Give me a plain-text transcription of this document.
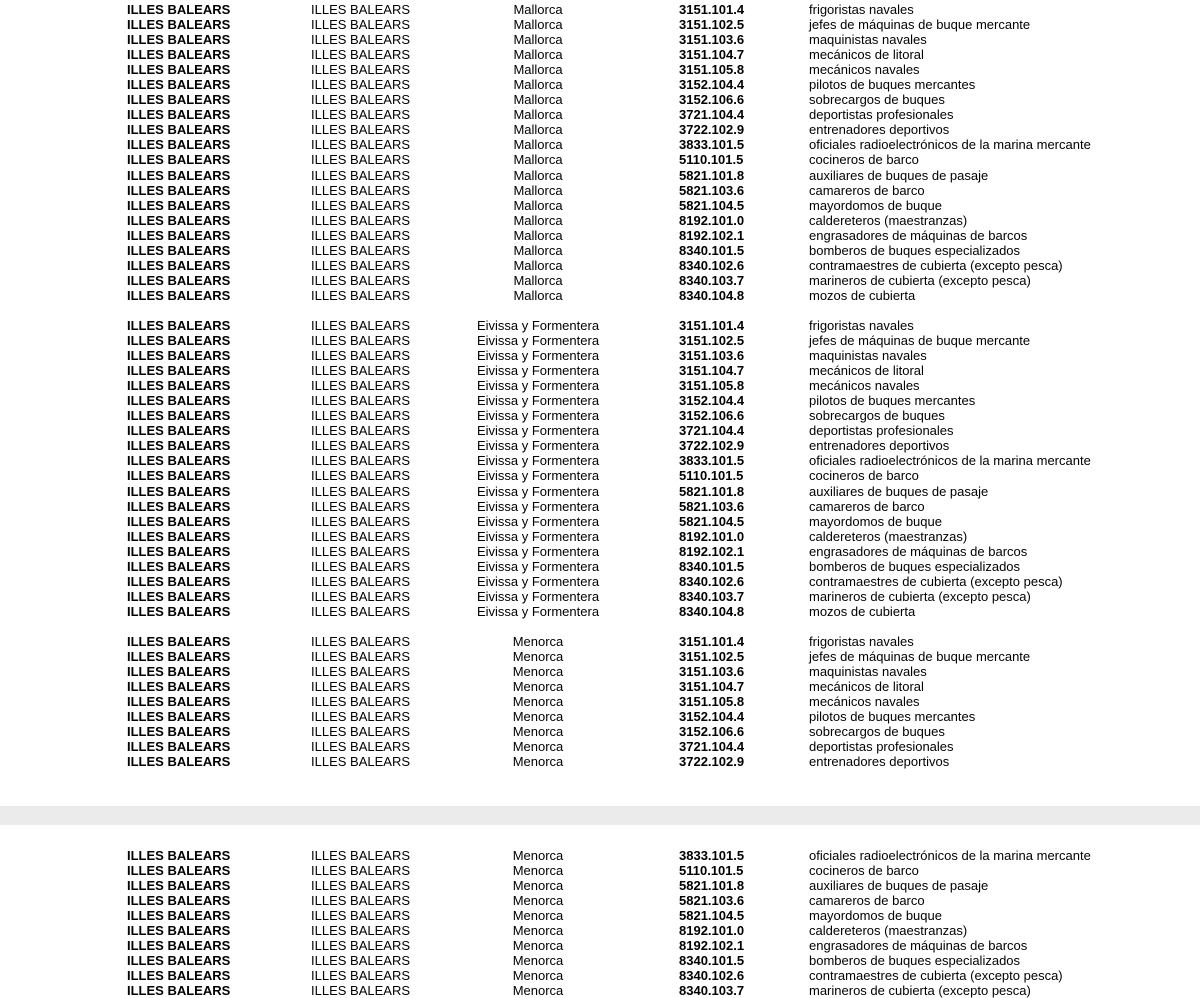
ILLES BALEARS	ILLES BALEARS	Mallorca	3151.101.4	frigoristas navales
ILLES BALEARS	ILLES BALEARS	Mallorca	3151.102.5	jefes de máquinas de buque mercante
ILLES BALEARS	ILLES BALEARS	Mallorca	3151.103.6	maquinistas navales
ILLES BALEARS	ILLES BALEARS	Mallorca	3151.104.7	mecánicos de litoral
ILLES BALEARS	ILLES BALEARS	Mallorca	3151.105.8	mecánicos navales
ILLES BALEARS	ILLES BALEARS	Mallorca	3152.104.4	pilotos de buques mercantes
ILLES BALEARS	ILLES BALEARS	Mallorca	3152.106.6	sobrecargos de buques
ILLES BALEARS	ILLES BALEARS	Mallorca	3721.104.4	deportistas profesionales
ILLES BALEARS	ILLES BALEARS	Mallorca	3722.102.9	entrenadores deportivos
ILLES BALEARS	ILLES BALEARS	Mallorca	3833.101.5	oficiales radioelectrónicos de la marina mercante
ILLES BALEARS	ILLES BALEARS	Mallorca	5110.101.5	cocineros de barco
ILLES BALEARS	ILLES BALEARS	Mallorca	5821.101.8	auxiliares de buques de pasaje
ILLES BALEARS	ILLES BALEARS	Mallorca	5821.103.6	camareros de barco
ILLES BALEARS	ILLES BALEARS	Mallorca	5821.104.5	mayordomos de buque
ILLES BALEARS	ILLES BALEARS	Mallorca	8192.101.0	caldereteros (maestranzas)
ILLES BALEARS	ILLES BALEARS	Mallorca	8192.102.1	engrasadores de máquinas de barcos
ILLES BALEARS	ILLES BALEARS	Mallorca	8340.101.5	bomberos de buques especializados
ILLES BALEARS	ILLES BALEARS	Mallorca	8340.102.6	contramaestres de cubierta (excepto pesca)
ILLES BALEARS	ILLES BALEARS	Mallorca	8340.103.7	marineros de cubierta (excepto pesca)
ILLES BALEARS	ILLES BALEARS	Mallorca	8340.104.8	mozos de cubierta
ILLES BALEARS	ILLES BALEARS	Eivissa y Formentera	3151.101.4	frigoristas navales
ILLES BALEARS	ILLES BALEARS	Eivissa y Formentera	3151.102.5	jefes de máquinas de buque mercante
ILLES BALEARS	ILLES BALEARS	Eivissa y Formentera	3151.103.6	maquinistas navales
ILLES BALEARS	ILLES BALEARS	Eivissa y Formentera	3151.104.7	mecánicos de litoral
ILLES BALEARS	ILLES BALEARS	Eivissa y Formentera	3151.105.8	mecánicos navales
ILLES BALEARS	ILLES BALEARS	Eivissa y Formentera	3152.104.4	pilotos de buques mercantes
ILLES BALEARS	ILLES BALEARS	Eivissa y Formentera	3152.106.6	sobrecargos de buques
ILLES BALEARS	ILLES BALEARS	Eivissa y Formentera	3721.104.4	deportistas profesionales
ILLES BALEARS	ILLES BALEARS	Eivissa y Formentera	3722.102.9	entrenadores deportivos
ILLES BALEARS	ILLES BALEARS	Eivissa y Formentera	3833.101.5	oficiales radioelectrónicos de la marina mercante
ILLES BALEARS	ILLES BALEARS	Eivissa y Formentera	5110.101.5	cocineros de barco
ILLES BALEARS	ILLES BALEARS	Eivissa y Formentera	5821.101.8	auxiliares de buques de pasaje
ILLES BALEARS	ILLES BALEARS	Eivissa y Formentera	5821.103.6	camareros de barco
ILLES BALEARS	ILLES BALEARS	Eivissa y Formentera	5821.104.5	mayordomos de buque
ILLES BALEARS	ILLES BALEARS	Eivissa y Formentera	8192.101.0	caldereteros (maestranzas)
ILLES BALEARS	ILLES BALEARS	Eivissa y Formentera	8192.102.1	engrasadores de máquinas de barcos
ILLES BALEARS	ILLES BALEARS	Eivissa y Formentera	8340.101.5	bomberos de buques especializados
ILLES BALEARS	ILLES BALEARS	Eivissa y Formentera	8340.102.6	contramaestres de cubierta (excepto pesca)
ILLES BALEARS	ILLES BALEARS	Eivissa y Formentera	8340.103.7	marineros de cubierta (excepto pesca)
ILLES BALEARS	ILLES BALEARS	Eivissa y Formentera	8340.104.8	mozos de cubierta
ILLES BALEARS	ILLES BALEARS	Menorca	3151.101.4	frigoristas navales
ILLES BALEARS	ILLES BALEARS	Menorca	3151.102.5	jefes de máquinas de buque mercante
ILLES BALEARS	ILLES BALEARS	Menorca	3151.103.6	maquinistas navales
ILLES BALEARS	ILLES BALEARS	Menorca	3151.104.7	mecánicos de litoral
ILLES BALEARS	ILLES BALEARS	Menorca	3151.105.8	mecánicos navales
ILLES BALEARS	ILLES BALEARS	Menorca	3152.104.4	pilotos de buques mercantes
ILLES BALEARS	ILLES BALEARS	Menorca	3152.106.6	sobrecargos de buques
ILLES BALEARS	ILLES BALEARS	Menorca	3721.104.4	deportistas profesionales
ILLES BALEARS	ILLES BALEARS	Menorca	3722.102.9	entrenadores deportivos
ILLES BALEARS	ILLES BALEARS	Menorca	3833.101.5	oficiales radioelectrónicos de la marina mercante
ILLES BALEARS	ILLES BALEARS	Menorca	5110.101.5	cocineros de barco
ILLES BALEARS	ILLES BALEARS	Menorca	5821.101.8	auxiliares de buques de pasaje
ILLES BALEARS	ILLES BALEARS	Menorca	5821.103.6	camareros de barco
ILLES BALEARS	ILLES BALEARS	Menorca	5821.104.5	mayordomos de buque
ILLES BALEARS	ILLES BALEARS	Menorca	8192.101.0	caldereteros (maestranzas)
ILLES BALEARS	ILLES BALEARS	Menorca	8192.102.1	engrasadores de máquinas de barcos
ILLES BALEARS	ILLES BALEARS	Menorca	8340.101.5	bomberos de buques especializados
ILLES BALEARS	ILLES BALEARS	Menorca	8340.102.6	contramaestres de cubierta (excepto pesca)
ILLES BALEARS	ILLES BALEARS	Menorca	8340.103.7	marineros de cubierta (excepto pesca)
